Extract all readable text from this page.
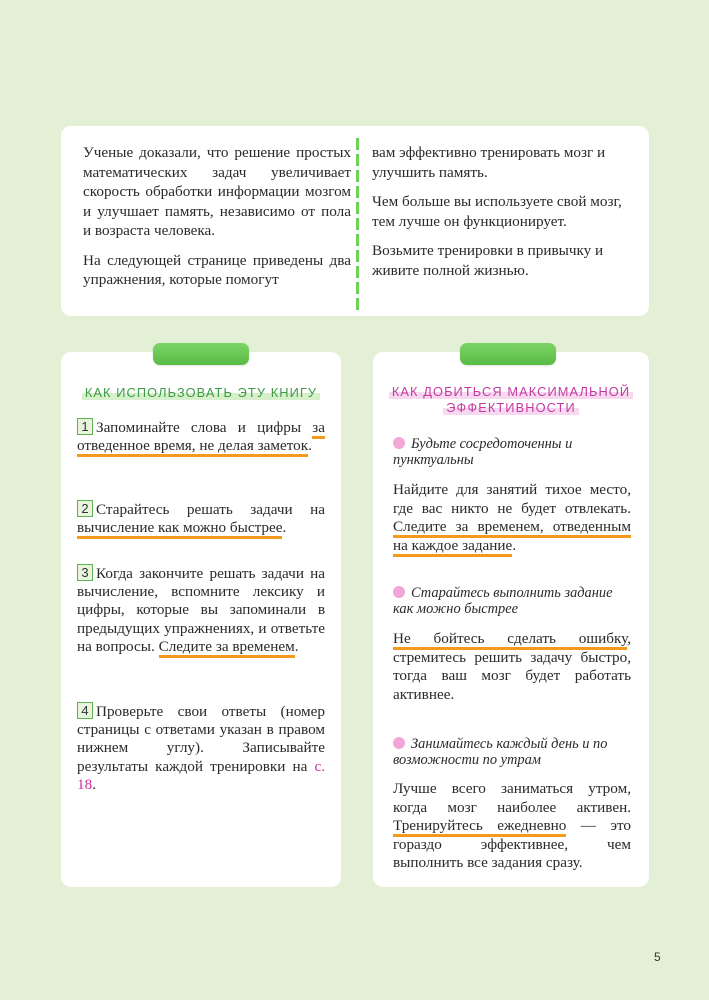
Ученые доказали, что решение простых математических задач увеличивает скорость обработки информации мозгом и улучшает память, независимо от пола и возраста человека.

На следующей странице приведены два упражнения, которые помогут

вам эффективно тренировать мозг и улучшить память.

Чем больше вы используете свой мозг, тем лучше он функционирует.

Возьмите тренировки в привычку и живите полной жизнью.

КАК ИСПОЛЬЗОВАТЬ ЭТУ КНИГУ
1 Запоминайте слова и цифры за отведенное время, не делая заметок.
2 Старайтесь решать задачи на вычисление как можно быстрее.
3 Когда закончите решать задачи на вычисление, вспомните лексику и цифры, которые вы запоминали в предыдущих упражнениях, и ответьте на вопросы. Следите за временем.
4 Проверьте свои ответы (номер страницы с ответами указан в правом нижнем углу). Записывайте результаты каждой тренировки на с. 18.
КАК ДОБИТЬСЯ МАКСИМАЛЬНОЙ
ЭФФЕКТИВНОСТИ
Будьте сосредоточенны и пунктуальны
Найдите для занятий тихое место, где вас никто не будет отвлекать. Следите за временем, отведенным на каждое задание.
Старайтесь выполнить задание как можно быстрее
Не бойтесь сделать ошибку, стремитесь решить задачу быстро, тогда ваш мозг будет работать активнее.
Занимайтесь каждый день и по возможности по утрам
Лучше всего заниматься утром, когда мозг наиболее активен. Тренируйтесь ежедневно — это гораздо эффективнее, чем выполнить все задания сразу.
5
